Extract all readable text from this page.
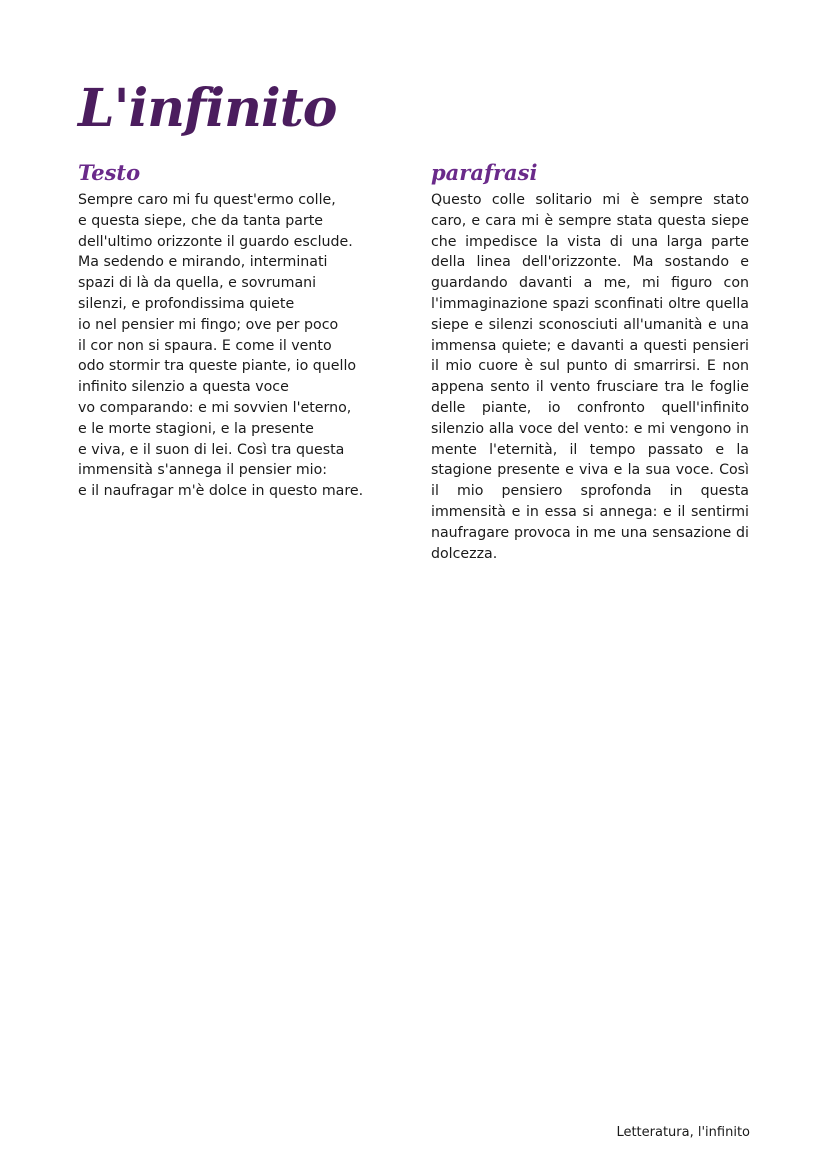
L'infinito
Testo
Sempre caro mi fu quest'ermo colle,
e questa siepe, che da tanta parte
dell'ultimo orizzonte il guardo esclude.
Ma sedendo e mirando, interminati
spazi di là da quella, e sovrumani
silenzi, e profondissima quiete
io nel pensier mi fingo; ove per poco
il cor non si spaura. E come il vento
odo stormir tra queste piante, io quello
infinito silenzio a questa voce
vo comparando: e mi sovvien l'eterno,
e le morte stagioni, e la presente
e viva, e il suon di lei. Così tra questa
immensità s'annega il pensier mio:
e il naufragar m'è dolce in questo mare.
parafrasi

Questo colle solitario mi è sempre stato caro, e cara mi è sempre stata questa siepe che impedisce la vista di una larga parte della linea dell'orizzonte. Ma sostando e guardando davanti a me, mi figuro con l'immaginazione spazi sconfinati oltre quella siepe e silenzi sconosciuti all'umanità e una immensa quiete; e davanti a questi pensieri il mio cuore è sul punto di smarrirsi. E non appena sento il vento frusciare tra le foglie delle piante, io confronto quell'infinito silenzio alla voce del vento: e mi vengono in mente l'eternità, il tempo passato e la stagione presente e viva e la sua voce. Così il mio pensiero sprofonda in questa immensità e in essa si annega: e il sentirmi naufragare provoca in me una sensazione di dolcezza.

Letteratura, l'infinito
